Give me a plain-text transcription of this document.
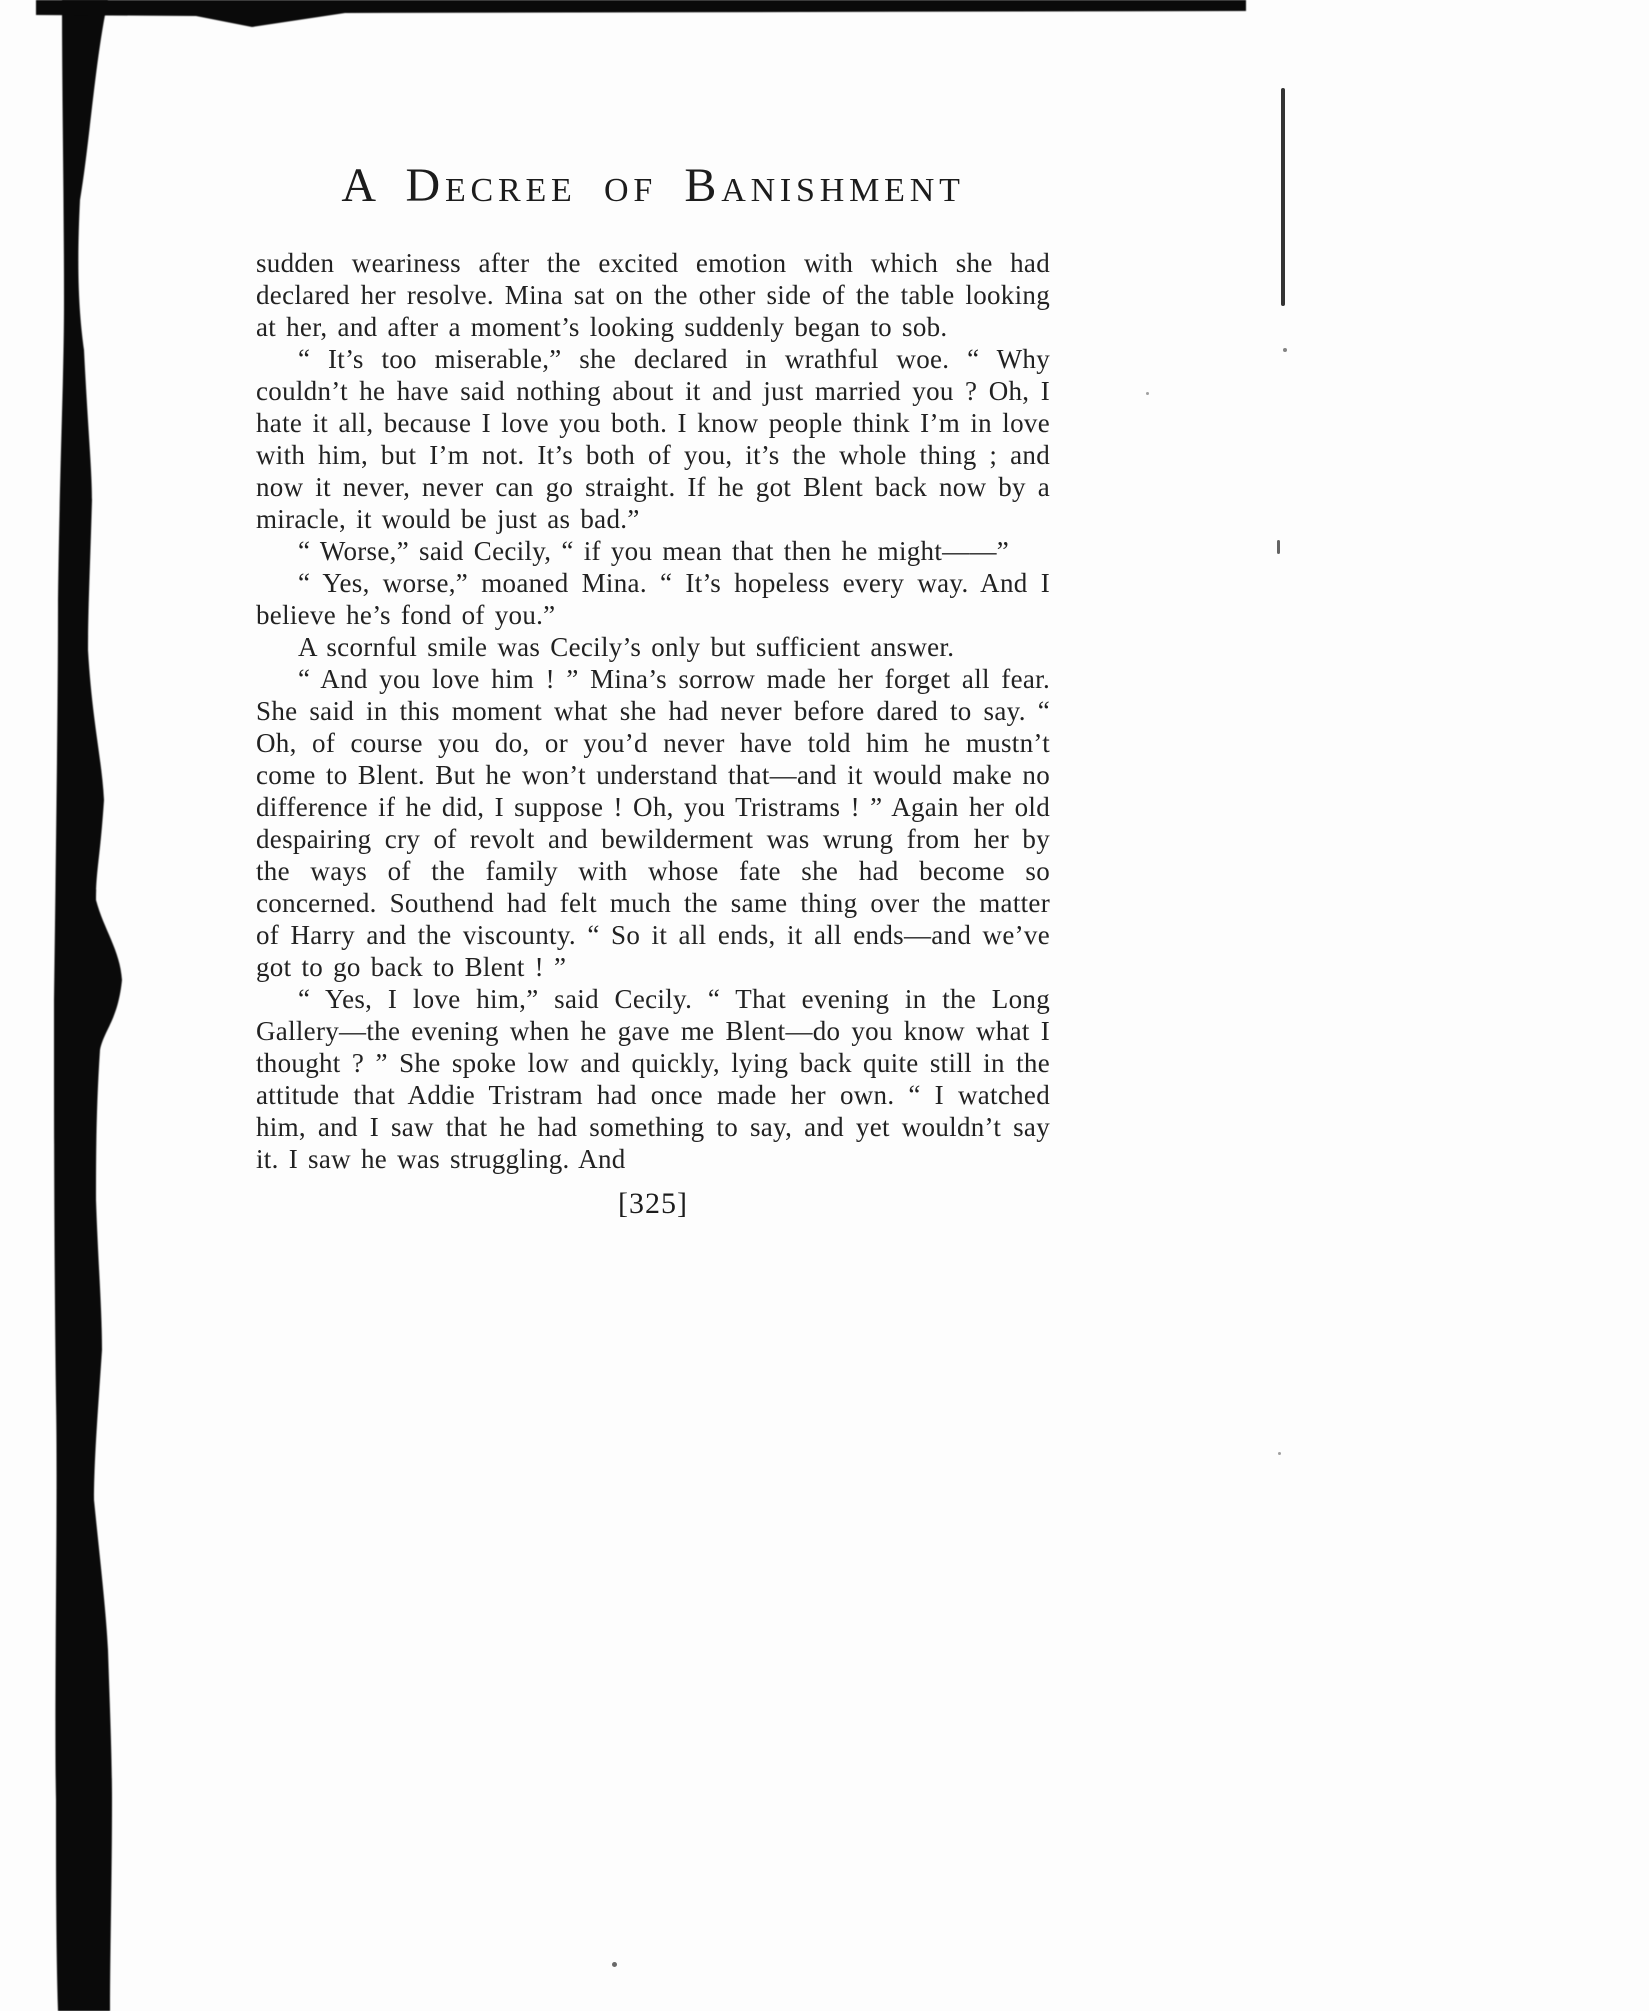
A Decree of Banishment

sudden weariness after the excited emotion with which she had declared her resolve. Mina sat on the other side of the table looking at her, and after a moment’s looking suddenly began to sob.

“ It’s too miserable,” she declared in wrathful woe. “ Why couldn’t he have said nothing about it and just married you ? Oh, I hate it all, because I love you both. I know people think I’m in love with him, but I’m not. It’s both of you, it’s the whole thing ; and now it never, never can go straight. If he got Blent back now by a miracle, it would be just as bad.”

“ Worse,” said Cecily, “ if you mean that then he might——”

“ Yes, worse,” moaned Mina. “ It’s hopeless every way. And I believe he’s fond of you.”

A scornful smile was Cecily’s only but sufficient answer.

“ And you love him ! ” Mina’s sorrow made her forget all fear. She said in this moment what she had never before dared to say. “ Oh, of course you do, or you’d never have told him he mustn’t come to Blent. But he won’t understand that—and it would make no difference if he did, I suppose ! Oh, you Tristrams ! ” Again her old despairing cry of revolt and bewilderment was wrung from her by the ways of the family with whose fate she had become so concerned. Southend had felt much the same thing over the matter of Harry and the viscounty. “ So it all ends, it all ends—and we’ve got to go back to Blent ! ”

“ Yes, I love him,” said Cecily. “ That evening in the Long Gallery—the evening when he gave me Blent—do you know what I thought ? ” She spoke low and quickly, lying back quite still in the attitude that Addie Tristram had once made her own. “ I watched him, and I saw that he had something to say, and yet wouldn’t say it. I saw he was struggling. And

[325]
